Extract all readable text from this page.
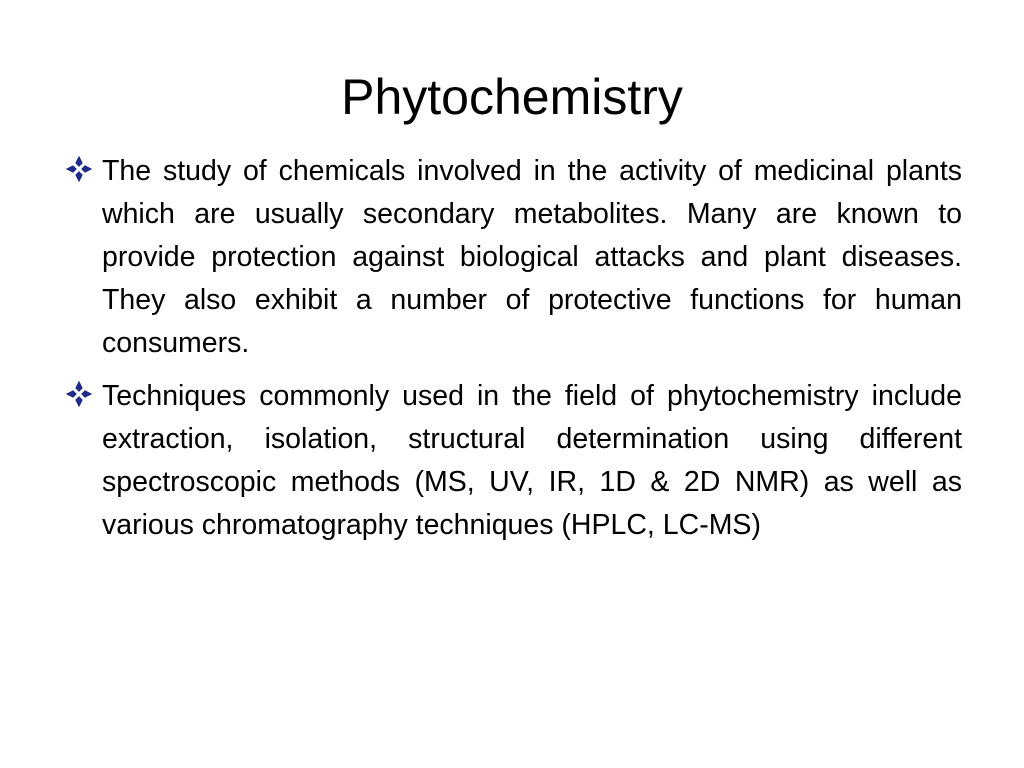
Phytochemistry
The study of chemicals involved in the activity of medicinal plants which are usually secondary metabolites. Many are known to provide protection against biological attacks and plant diseases. They also exhibit a number of protective functions for human consumers.
Techniques commonly used in the field of phytochemistry include extraction, isolation, structural determination using different spectroscopic methods (MS, UV, IR, 1D & 2D NMR) as well as various chromatography techniques (HPLC, LC-MS)
